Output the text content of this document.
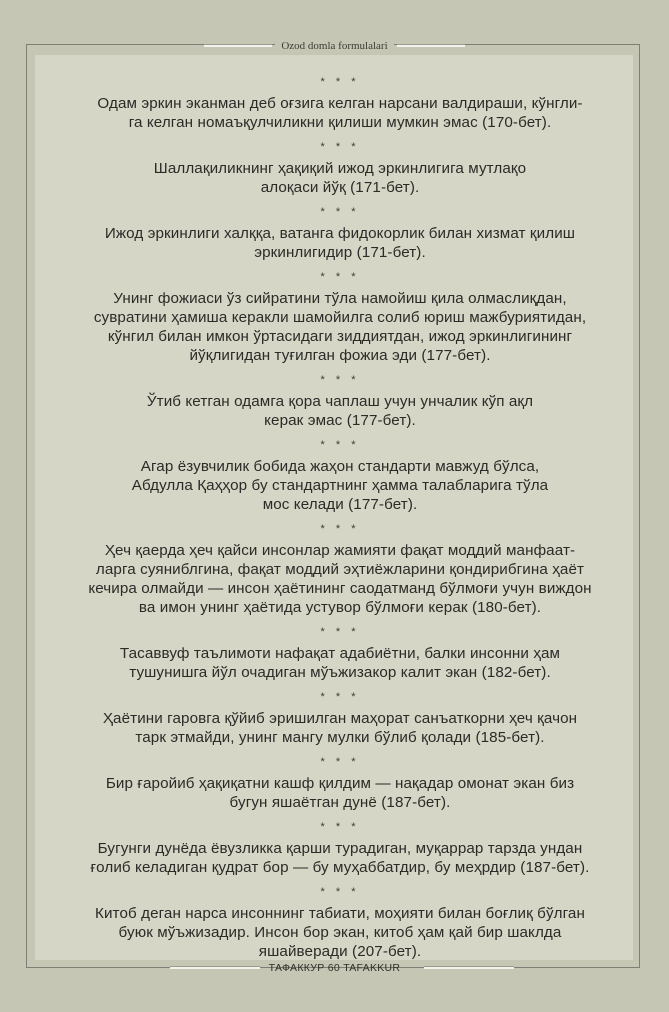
Ozod domla formulalari
* * *
Одам эркин эканман деб оғзига келган нарсани валдираши, кўнгли-
га келган номаъқулчиликни қилиши мумкин эмас (170-бет).
* * *
Шаллақиликнинг ҳақиқий ижод эркинлигига мутлақо
алоқаси йўқ (171-бет).
* * *
Ижод эркинлиги халққа, ватанга фидокорлик билан хизмат қилиш
эркинлигидир (171-бет).
* * *
Унинг фожиаси ўз сийратини тўла намойиш қила олмаслиқдан,
сувратини ҳамиша керакли шамойилга солиб юриш мажбуриятидан,
кўнгил билан имкон ўртасидаги зиддиятдан, ижод эркинлигининг
йўқлигидан туғилган фожиа эди (177-бет).
* * *
Ўтиб кетган одамга қора чаплаш учун унчалик кўп ақл
керак эмас (177-бет).
* * *
Агар ёзувчилик бобида жаҳон стандарти мавжуд бўлса,
Абдулла Қаҳҳор бу стандартнинг ҳамма талабларига тўла
мос келади (177-бет).
* * *
Ҳеч қаерда ҳеч қайси инсонлар жамияти фақат моддий манфаат-
ларга суяниблгина, фақат моддий эҳтиёжларини қондирибгина ҳаёт
кечира олмайди — инсон ҳаётининг саодатманд бўлмоғи учун виждон
ва имон унинг ҳаётида устувор бўлмоғи керак (180-бет).
* * *
Тасаввуф таълимоти нафақат адабиётни, балки инсонни ҳам
тушунишга йўл очадиган мўъжизакор калит экан (182-бет).
* * *
Ҳаётини гаровга қўйиб эришилган маҳорат санъаткорни ҳеч қачон
тарк этмайди, унинг мангу мулки бўлиб қолади (185-бет).
* * *
Бир ғаройиб ҳақиқатни кашф қилдим — нақадар омонат экан биз
бугун яшаётган дунё (187-бет).
* * *
Бугунги дунёда ёвузликка қарши турадиган, муқаррар тарзда ундан
ғолиб келадиган қудрат бор — бу муҳаббатдир, бу меҳрдир (187-бет).
* * *
Китоб деган нарса инсоннинг табиати, моҳияти билан боғлиқ бўлган
буюк мўъжизадир. Инсон бор экан, китоб ҳам қай бир шаклда
яшайверади (207-бет).
ТАФАККУР 60 TAFAKKUR
